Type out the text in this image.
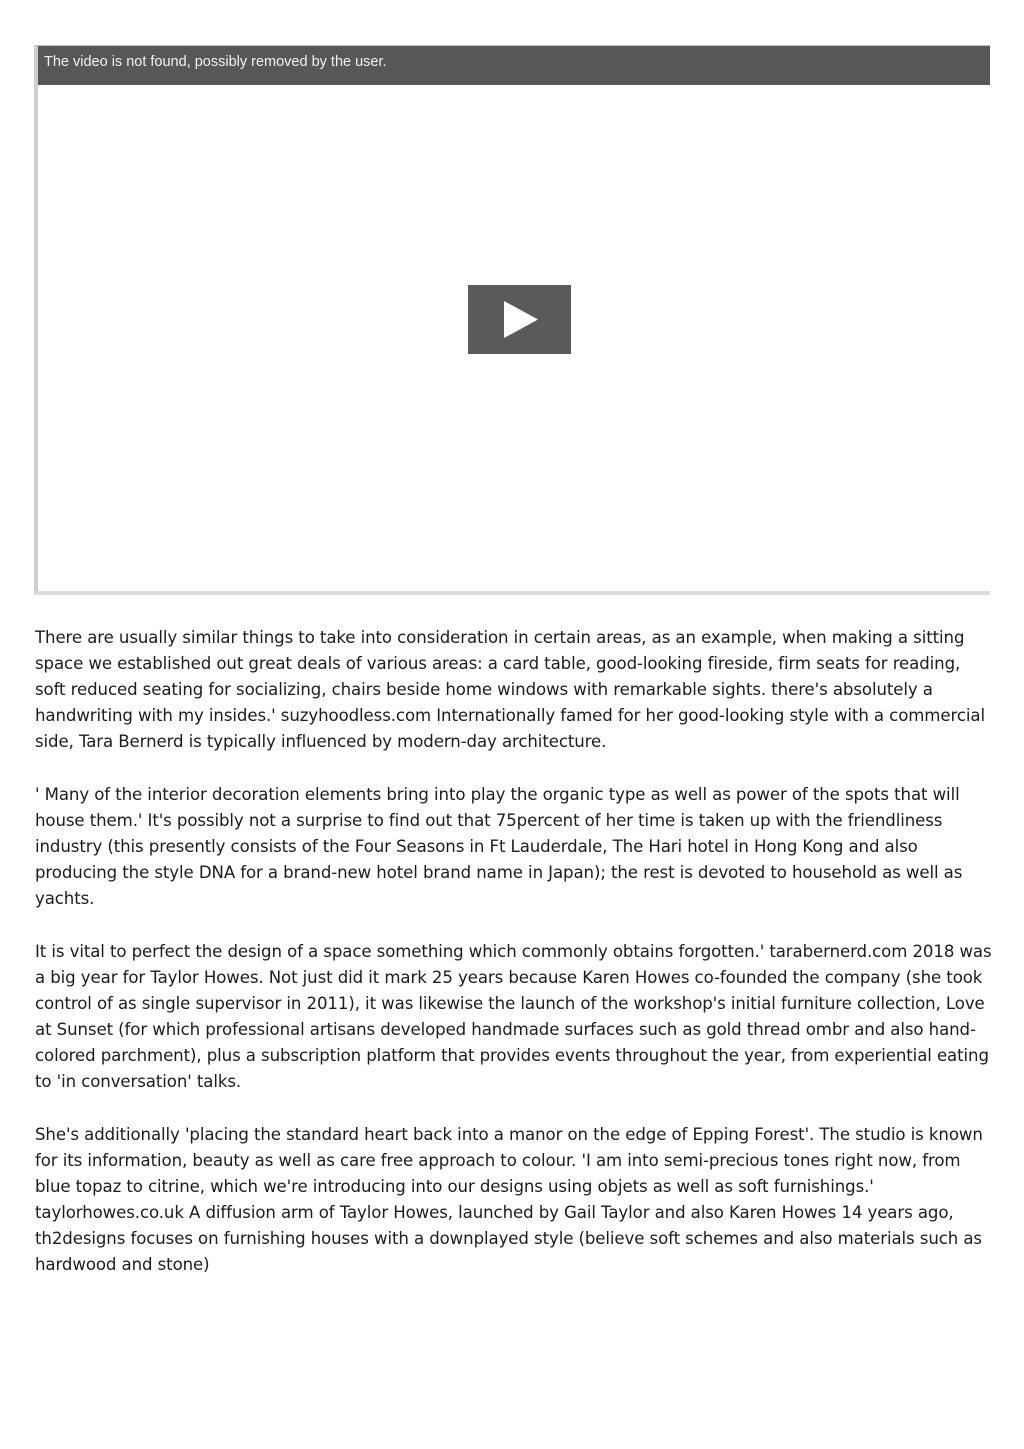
The video is not found, possibly removed by the user.

There are usually similar things to take into consideration in certain areas, as an example, when making a sitting space we established out great deals of various areas: a card table, good-looking fireside, firm seats for reading, soft reduced seating for socializing, chairs beside home windows with remarkable sights. there's absolutely a handwriting with my insides.' suzyhoodless.com Internationally famed for her good-looking style with a commercial side, Tara Bernerd is typically influenced by modern-day architecture.

' Many of the interior decoration elements bring into play the organic type as well as power of the spots that will house them.' It's possibly not a surprise to find out that 75percent of her time is taken up with the friendliness industry (this presently consists of the Four Seasons in Ft Lauderdale, The Hari hotel in Hong Kong and also producing the style DNA for a brand-new hotel brand name in Japan); the rest is devoted to household as well as yachts.

It is vital to perfect the design of a space something which commonly obtains forgotten.' tarabernerd.com 2018 was a big year for Taylor Howes. Not just did it mark 25 years because Karen Howes co-founded the company (she took control of as single supervisor in 2011), it was likewise the launch of the workshop's initial furniture collection, Love at Sunset (for which professional artisans developed handmade surfaces such as gold thread ombr and also hand- colored parchment), plus a subscription platform that provides events throughout the year, from experiential eating to 'in conversation' talks.

She's additionally 'placing the standard heart back into a manor on the edge of Epping Forest'. The studio is known for its information, beauty as well as care free approach to colour. 'I am into semi-precious tones right now, from blue topaz to citrine, which we're introducing into our designs using objets as well as soft furnishings.' taylorhowes.co.uk A diffusion arm of Taylor Howes, launched by Gail Taylor and also Karen Howes 14 years ago, th2designs focuses on furnishing houses with a downplayed style (believe soft schemes and also materials such as hardwood and stone)
